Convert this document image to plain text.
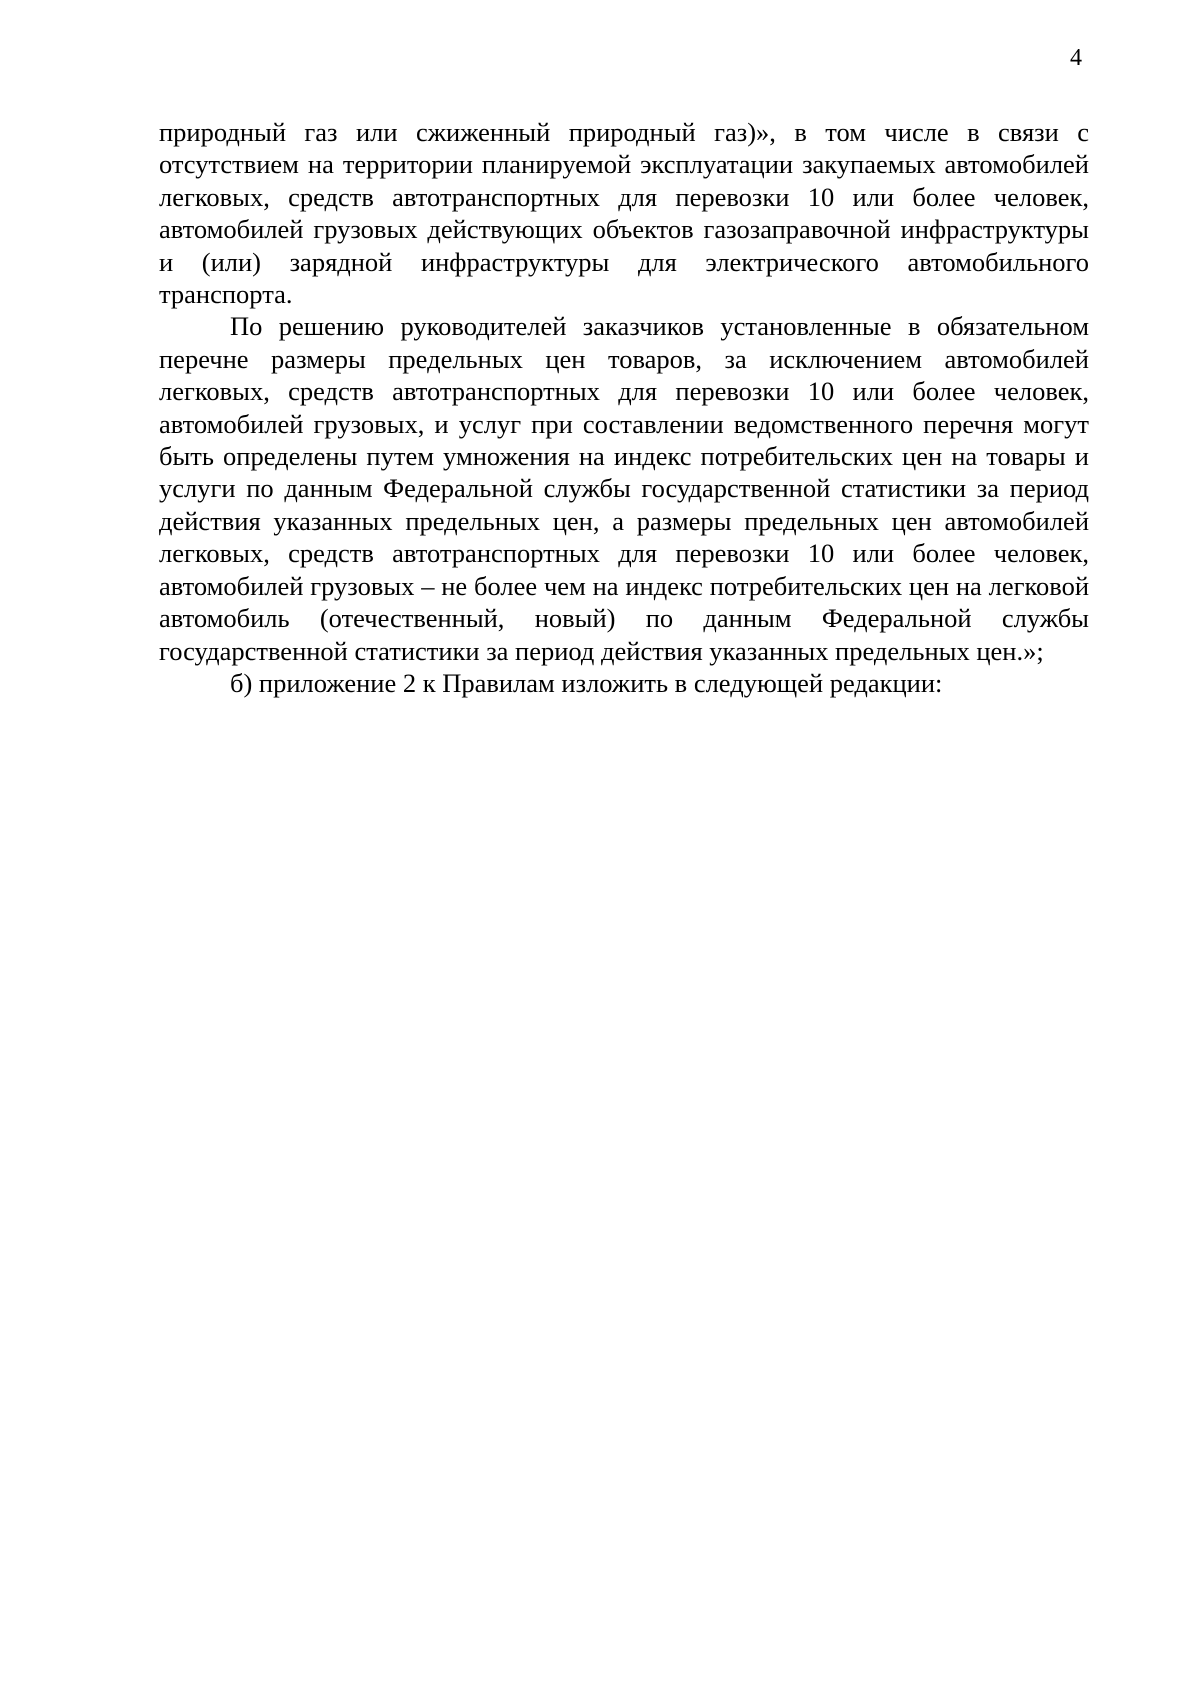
4

природный газ или сжиженный природный газ)», в том числе в связи с отсутствием на территории планируемой эксплуатации закупаемых автомобилей легковых, средств автотранспортных для перевозки 10 или более человек, автомобилей грузовых действующих объектов газозаправочной инфраструктуры и (или) зарядной инфраструктуры для электрического автомобильного транспорта.

По решению руководителей заказчиков установленные в обязательном перечне размеры предельных цен товаров, за исключением автомобилей легковых, средств автотранспортных для перевозки 10 или более человек, автомобилей грузовых, и услуг при составлении ведомственного перечня могут быть определены путем умножения на индекс потребительских цен на товары и услуги по данным Федеральной службы государственной статистики за период действия указанных предельных цен, а размеры предельных цен автомобилей легковых, средств автотранспортных для перевозки 10 или более человек, автомобилей грузовых – не более чем на индекс потребительских цен на легковой автомобиль (отечественный, новый) по данным Федеральной службы государственной статистики за период действия указанных предельных цен.»;

б) приложение 2 к Правилам изложить в следующей редакции:
